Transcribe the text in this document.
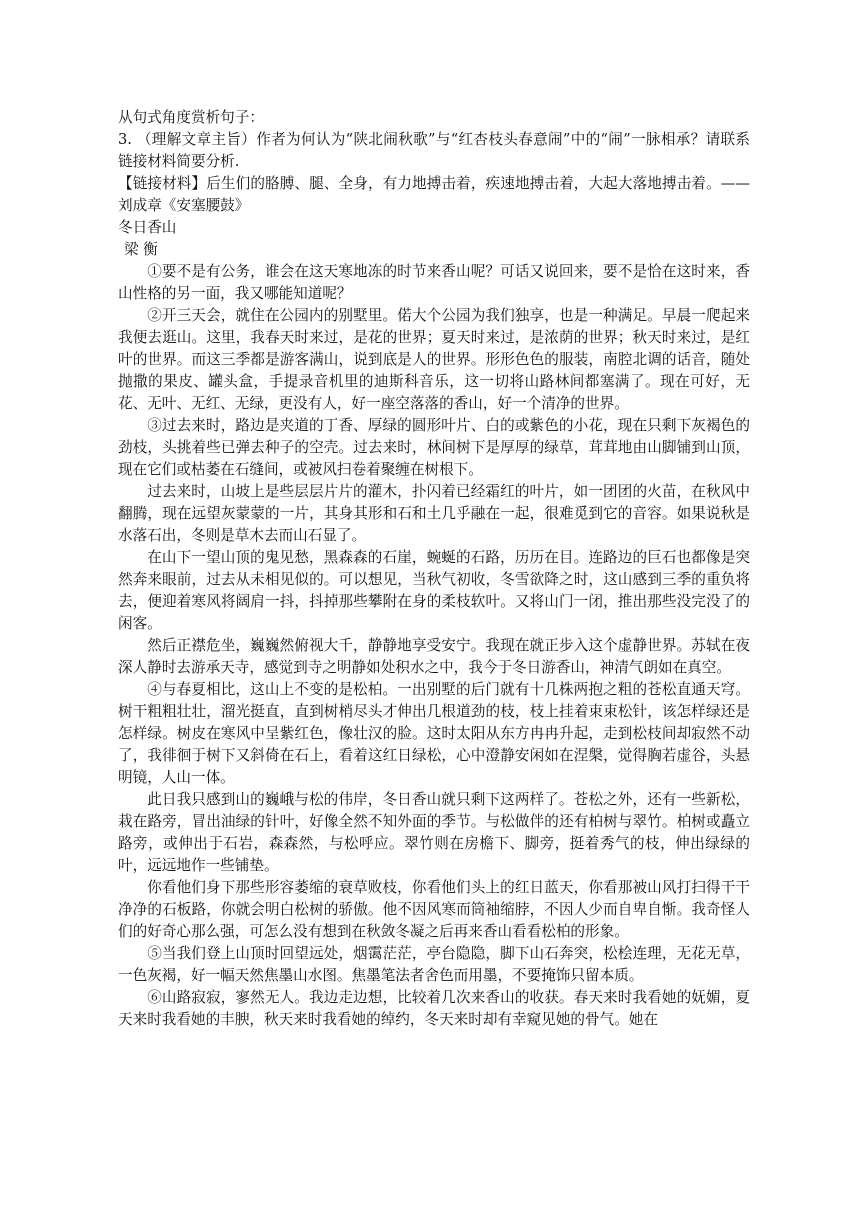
从句式角度赏析句子：

3. （理解文章主旨）作者为何认为“陕北闹秋歌”与“红杏枝头春意闹”中的“闹”一脉相承？请联系链接材料简要分析.

【链接材料】后生们的胳膊、腿、全身，有力地搏击着，疾速地搏击着，大起大落地搏击着。——刘成章《安塞腰鼓》

冬日香山

梁 衡

①要不是有公务，谁会在这天寒地冻的时节来香山呢？可话又说回来，要不是恰在这时来，香山性格的另一面，我又哪能知道呢？

②开三天会，就住在公园内的别墅里。偌大个公园为我们独享，也是一种满足。早晨一爬起来我便去逛山。这里，我春天时来过，是花的世界；夏天时来过，是浓荫的世界；秋天时来过，是红叶的世界。而这三季都是游客满山，说到底是人的世界。形形色色的服装，南腔北调的话音，随处抛撒的果皮、罐头盒，手提录音机里的迪斯科音乐，这一切将山路林间都塞满了。现在可好，无花、无叶、无红、无绿，更没有人，好一座空落落的香山，好一个清净的世界。

③过去来时，路边是夹道的丁香、厚绿的圆形叶片、白的或紫色的小花，现在只剩下灰褐色的劲枝，头挑着些已弹去种子的空壳。过去来时，林间树下是厚厚的绿草，茸茸地由山脚铺到山顶，现在它们或枯萎在石缝间，或被风扫卷着聚缠在树根下。

过去来时，山坡上是些层层片片的灌木，扑闪着已经霜红的叶片，如一团团的火苗，在秋风中翻腾，现在远望灰蒙蒙的一片，其身其形和石和土几乎融在一起，很难觅到它的音容。如果说秋是水落石出，冬则是草木去而山石显了。

在山下一望山顶的鬼见愁，黑森森的石崖，蜿蜒的石路，历历在目。连路边的巨石也都像是突然奔来眼前，过去从未相见似的。可以想见，当秋气初收，冬雪欲降之时，这山感到三季的重负将去，便迎着寒风将阔肩一抖，抖掉那些攀附在身的柔枝软叶。又将山门一闭，推出那些没完没了的闲客。

然后正襟危坐，巍巍然俯视大千，静静地享受安宁。我现在就正步入这个虚静世界。苏轼在夜深人静时去游承天寺，感觉到寺之明静如处积水之中，我今于冬日游香山，神清气朗如在真空。

④与春夏相比，这山上不变的是松柏。一出别墅的后门就有十几株两抱之粗的苍松直通天穹。树干粗粗壮壮，溜光挺直，直到树梢尽头才伸出几根道劲的枝，枝上挂着束束松针，该怎样绿还是怎样绿。树皮在寒风中呈紫红色，像壮汉的脸。这时太阳从东方冉冉升起，走到松枝间却寂然不动了，我徘徊于树下又斜倚在石上，看着这红日绿松，心中澄静安闲如在涅槃，觉得胸若虚谷，头悬明镜，人山一体。

此日我只感到山的巍峨与松的伟岸，冬日香山就只剩下这两样了。苍松之外，还有一些新松，栽在路旁，冒出油绿的针叶，好像全然不知外面的季节。与松做伴的还有柏树与翠竹。柏树或矗立路旁，或伸出于石岩，森森然，与松呼应。翠竹则在房檐下、脚旁，挺着秀气的枝，伸出绿绿的叶，远远地作一些铺垫。

你看他们身下那些形容萎缩的衰草败枝，你看他们头上的红日蓝天，你看那被山风打扫得干干净净的石板路，你就会明白松树的骄傲。他不因风寒而筒袖缩脖，不因人少而自卑自惭。我奇怪人们的好奇心那么强，可怎么没有想到在秋敛冬凝之后再来香山看看松柏的形象。

⑤当我们登上山顶时回望远处，烟霭茫茫，亭台隐隐，脚下山石奔突，松桧连理，无花无草，一色灰褐，好一幅天然焦墨山水图。焦墨笔法者舍色而用墨，不要掩饰只留本质。

⑥山路寂寂，寥然无人。我边走边想，比较着几次来香山的收获。春天来时我看她的妩媚，夏天来时我看她的丰腴，秋天来时我看她的绰约，冬天来时却有幸窥见她的骨气。她在
